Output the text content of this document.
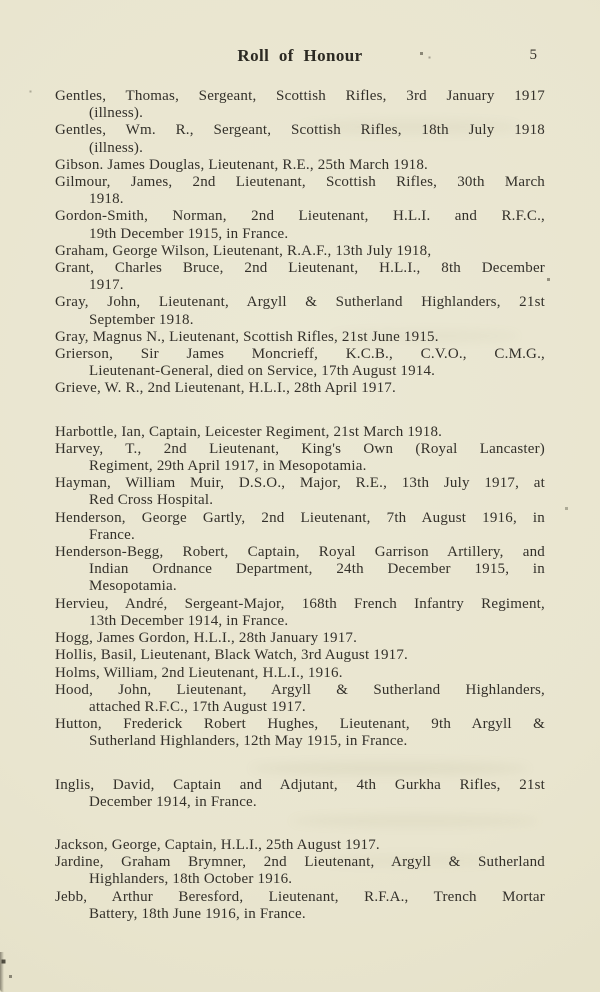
Roll of Honour	5
Gentles, Thomas, Sergeant, Scottish Rifles, 3rd January 1917
(illness).
Gentles, Wm. R., Sergeant, Scottish Rifles, 18th July 1918
(illness).
Gibson. James Douglas, Lieutenant, R.E., 25th March 1918.
Gilmour, James, 2nd Lieutenant, Scottish Rifles, 30th March
1918.
Gordon-Smith, Norman, 2nd Lieutenant, H.L.I. and R.F.C.,
19th December 1915, in France.
Graham, George Wilson, Lieutenant, R.A.F., 13th July 1918,
Grant, Charles Bruce, 2nd Lieutenant, H.L.I., 8th December
1917.
Gray, John, Lieutenant, Argyll & Sutherland Highlanders, 21st
September 1918.
Gray, Magnus N., Lieutenant, Scottish Rifles, 21st June 1915.
Grierson, Sir James Moncrieff, K.C.B., C.V.O., C.M.G.,
Lieutenant-General, died on Service, 17th August 1914.
Grieve, W. R., 2nd Lieutenant, H.L.I., 28th April 1917.
Harbottle, Ian, Captain, Leicester Regiment, 21st March 1918.
Harvey, T., 2nd Lieutenant, King's Own (Royal Lancaster)
Regiment, 29th April 1917, in Mesopotamia.
Hayman, William Muir, D.S.O., Major, R.E., 13th July 1917, at
Red Cross Hospital.
Henderson, George Gartly, 2nd Lieutenant, 7th August 1916, in
France.
Henderson-Begg, Robert, Captain, Royal Garrison Artillery, and
Indian Ordnance Department, 24th December 1915, in
Mesopotamia.
Hervieu, André, Sergeant-Major, 168th French Infantry Regiment,
13th December 1914, in France.
Hogg, James Gordon, H.L.I., 28th January 1917.
Hollis, Basil, Lieutenant, Black Watch, 3rd August 1917.
Holms, William, 2nd Lieutenant, H.L.I., 1916.
Hood, John, Lieutenant, Argyll & Sutherland Highlanders,
attached R.F.C., 17th August 1917.
Hutton, Frederick Robert Hughes, Lieutenant, 9th Argyll &
Sutherland Highlanders, 12th May 1915, in France.
Inglis, David, Captain and Adjutant, 4th Gurkha Rifles, 21st
December 1914, in France.
Jackson, George, Captain, H.L.I., 25th August 1917.
Jardine, Graham Brymner, 2nd Lieutenant, Argyll & Sutherland
Highlanders, 18th October 1916.
Jebb, Arthur Beresford, Lieutenant, R.F.A., Trench Mortar
Battery, 18th June 1916, in France.
